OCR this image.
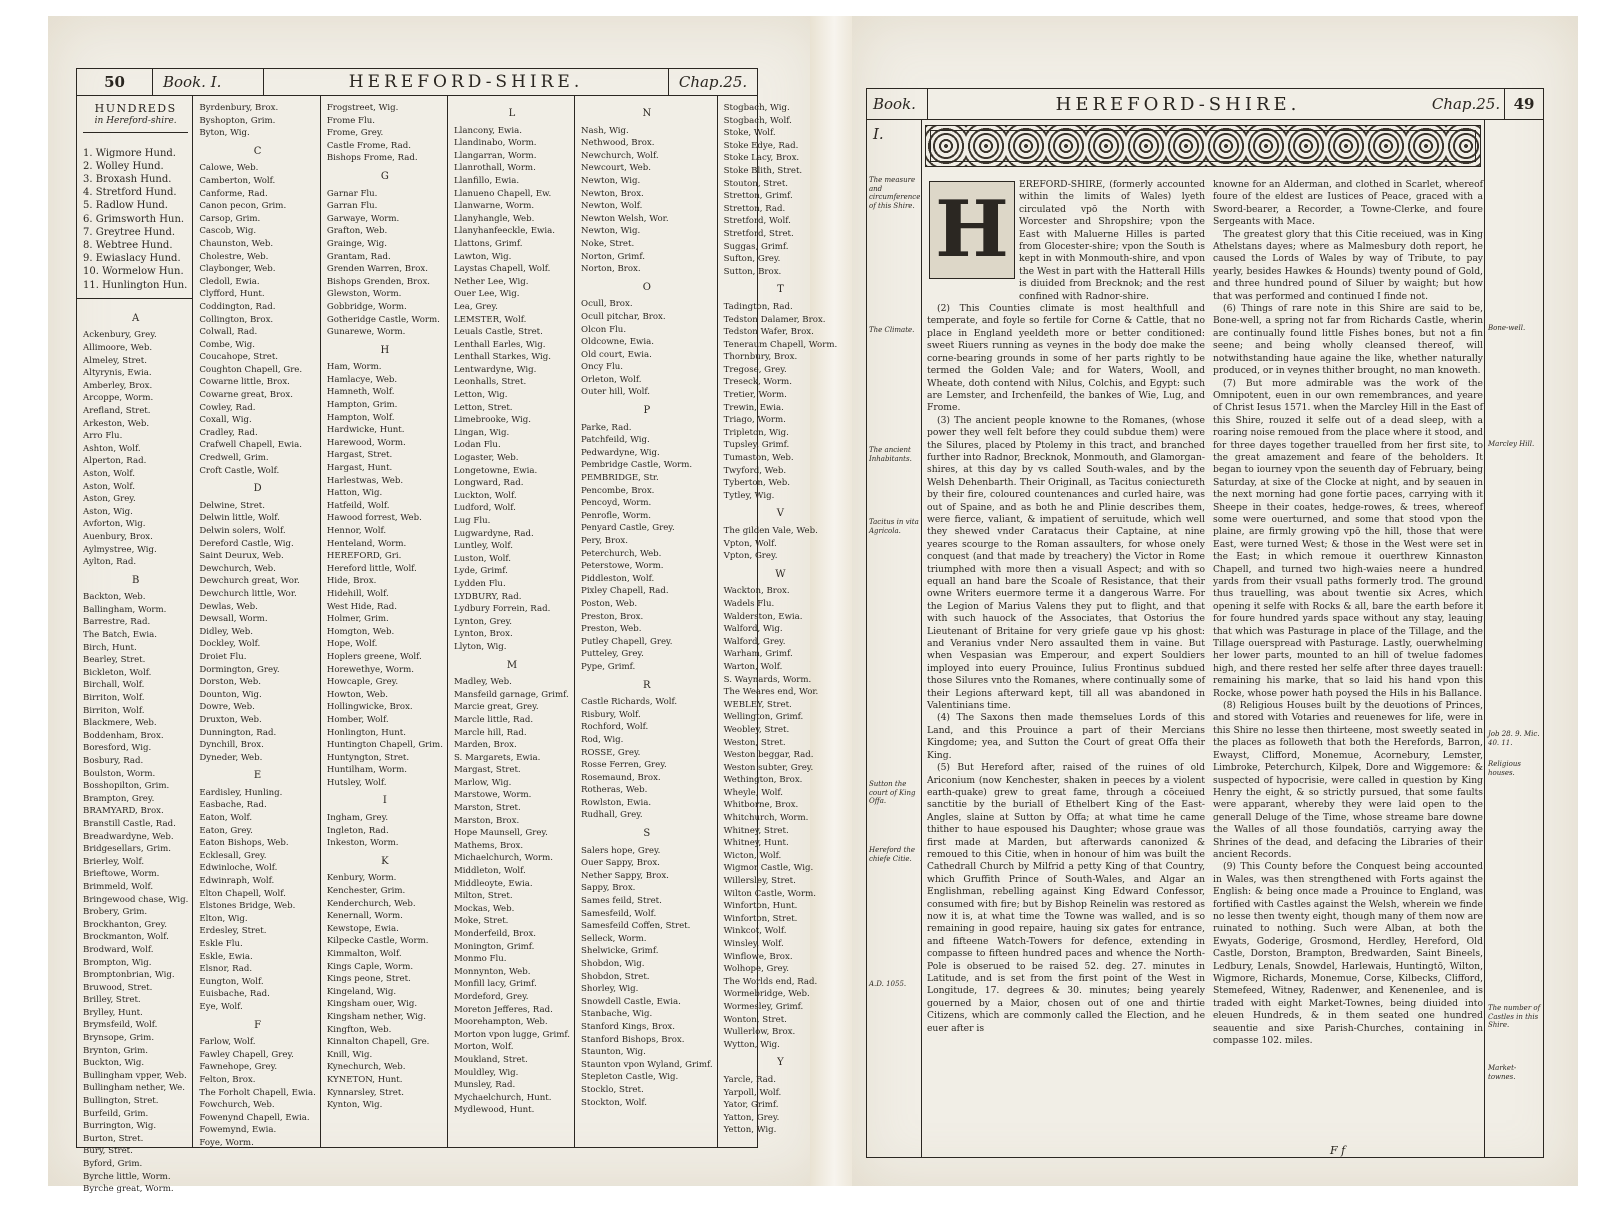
50	Book. I.	HEREFORD-SHIRE.	Chap.25.
HUNDREDS
in Hereford-shire.
1. Wigmore Hund.
2. Wolley Hund.
3. Broxash Hund.
4. Stretford Hund.
5. Radlow Hund.
6. Grimsworth Hun.
7. Greytree Hund.
8. Webtree Hund.
9. Ewiaslacy Hund.
10. Wormelow Hun.
11. Hunlington Hun.
A
Ackenbury, Grey.
Allimoore, Web.
Almeley, Stret.
Altyrynis, Ewia.
Amberley, Brox.
Arcoppe, Worm.
Arefland, Stret.
Arkeston, Web.
Arro Flu.
Ashton, Wolf.
Alperton, Rad.
Aston, Wolf.
Aston, Wolf.
Aston, Grey.
Aston, Wig.
Avforton, Wig.
Auenbury, Brox.
Aylmystree, Wig.
Aylton, Rad.
B
Backton, Web.
Ballingham, Worm.
Barrestre, Rad.
The Batch, Ewia.
Birch, Hunt.
Bearley, Stret.
Bickleton, Wolf.
Birchall, Wolf.
Birriton, Wolf.
Birriton, Wolf.
Blackmere, Web.
Boddenham, Brox.
Boresford, Wig.
Bosbury, Rad.
Boulston, Worm.
Bosshopilton, Grim.
Brampton, Grey.
BRAMYARD, Brox.
Branstill Castle, Rad.
Breadwardyne, Web.
Bridgesellars, Grim.
Brierley, Wolf.
Brieftowe, Worm.
Brimmeld, Wolf.
Bringewood chase, Wig.
Brobery, Grim.
Brockhanton, Grey.
Brockmanton, Wolf.
Brodward, Wolf.
Brompton, Wig.
Bromptonbrian, Wig.
Bruwood, Stret.
Brilley, Stret.
Brylley, Hunt.
Brymsfeild, Wolf.
Brynsope, Grim.
Brynton, Grim.
Buckton, Wig.
Bullingham vpper, Web.
Bullingham nether, We.
Bullington, Stret.
Burfeild, Grim.
Burrington, Wig.
Burton, Stret.
Bury, Stret.
Byford, Grim.
Byrche little, Worm.
Byrche great, Worm.
Byrdenbury, Brox.
Byshopton, Grim.
Byton, Wig.
C
Calowe, Web.
Camberton, Wolf.
Canforme, Rad.
Canon pecon, Grim.
Carsop, Grim.
Cascob, Wig.
Chaunston, Web.
Cholestre, Web.
Claybonger, Web.
Cledoll, Ewia.
Clyfford, Hunt.
Coddington, Rad.
Collington, Brox.
Colwall, Rad.
Combe, Wig.
Coucahope, Stret.
Coughton Chapell, Gre.
Cowarne little, Brox.
Cowarne great, Brox.
Cowley, Rad.
Coxall, Wig.
Cradley, Rad.
Crafwell Chapell, Ewia.
Credwell, Grim.
Croft Castle, Wolf.
D
Delwine, Stret.
Delwin little, Wolf.
Delwin solers, Wolf.
Dereford Castle, Wig.
Saint Deurux, Web.
Dewchurch, Web.
Dewchurch great, Wor.
Dewchurch little, Wor.
Dewlas, Web.
Dewsall, Worm.
Didley, Web.
Dockley, Wolf.
Droiet Flu.
Dormington, Grey.
Dorston, Web.
Dounton, Wig.
Dowre, Web.
Druxton, Web.
Dunnington, Rad.
Dynchill, Brox.
Dyneder, Web.
E
Eardisley, Hunling.
Easbache, Rad.
Eaton, Wolf.
Eaton, Grey.
Eaton Bishops, Web.
Ecklesall, Grey.
Edwinloche, Wolf.
Edwinraph, Wolf.
Elton Chapell, Wolf.
Elstones Bridge, Web.
Elton, Wig.
Erdesley, Stret.
Eskle Flu.
Eskle, Ewia.
Elsnor, Rad.
Eungton, Wolf.
Euisbache, Rad.
Eye, Wolf.
F
Farlow, Wolf.
Fawley Chapell, Grey.
Fawnehope, Grey.
Felton, Brox.
The Forholt Chapell, Ewia.
Fowchurch, Web.
Fowenynd Chapell, Ewia.
Fowemynd, Ewia.
Foye, Worm.
Frogstreet, Wig.
Frome Flu.
Frome, Grey.
Castle Frome, Rad.
Bishops Frome, Rad.
G
Garnar Flu.
Garran Flu.
Garwaye, Worm.
Grafton, Web.
Grainge, Wig.
Grantam, Rad.
Grenden Warren, Brox.
Bishops Grenden, Brox.
Glewston, Worm.
Gobbridge, Worm.
Gotheridge Castle, Worm.
Gunarewe, Worm.
H
Ham, Worm.
Hamlacye, Web.
Hamneth, Wolf.
Hampton, Grim.
Hampton, Wolf.
Hardwicke, Hunt.
Harewood, Worm.
Hargast, Stret.
Hargast, Hunt.
Harlestwas, Web.
Hatton, Wig.
Hatfeild, Wolf.
Hawood forrest, Web.
Hennor, Wolf.
Henteland, Worm.
HEREFORD, Gri.
Hereford little, Wolf.
Hide, Brox.
Hidehill, Wolf.
West Hide, Rad.
Holmer, Grim.
Homgton, Web.
Hope, Wolf.
Hoplers greene, Wolf.
Horewethye, Worm.
Howcaple, Grey.
Howton, Web.
Hollingwicke, Brox.
Homber, Wolf.
Honlington, Hunt.
Huntington Chapell, Grim.
Huntyngton, Stret.
Huntilham, Worm.
Hutsley, Wolf.
I
Ingham, Grey.
Ingleton, Rad.
Inkeston, Worm.
K
Kenbury, Worm.
Kenchester, Grim.
Kenderchurch, Web.
Kenernall, Worm.
Kewstope, Ewia.
Kilpecke Castle, Worm.
Kimmalton, Wolf.
Kings Caple, Worm.
Kings peone, Stret.
Kingeland, Wig.
Kingsham ouer, Wig.
Kingsham nether, Wig.
Kingfton, Web.
Kinnalton Chapell, Gre.
Knill, Wig.
Kynechurch, Web.
KYNETON, Hunt.
Kynnarsley, Stret.
Kynton, Wig.
L
Llancony, Ewia.
Llandinabo, Worm.
Llangarran, Worm.
Llanrothall, Worm.
Llanfillo, Ewia.
Llanueno Chapell, Ew.
Llanwarne, Worm.
Llanyhangle, Web.
Llanyhanfeeckle, Ewia.
Llattons, Grimf.
Lawton, Wig.
Laystas Chapell, Wolf.
Nether Lee, Wig.
Ouer Lee, Wig.
Lea, Grey.
LEMSTER, Wolf.
Leuals Castle, Stret.
Lenthall Earles, Wig.
Lenthall Starkes, Wig.
Lentwardyne, Wig.
Leonhalls, Stret.
Letton, Wig.
Letton, Stret.
Limebrooke, Wig.
Lingan, Wig.
Lodan Flu.
Logaster, Web.
Longetowne, Ewia.
Longward, Rad.
Luckton, Wolf.
Ludford, Wolf.
Lug Flu.
Lugwardyne, Rad.
Luntley, Wolf.
Luston, Wolf.
Lyde, Grimf.
Lydden Flu.
LYDBURY, Rad.
Lydbury Forrein, Rad.
Lynton, Grey.
Lynton, Brox.
Llyton, Wig.
M
Madley, Web.
Mansfeild garnage, Grimf.
Marcie great, Grey.
Marcle little, Rad.
Marcle hill, Rad.
Marden, Brox.
S. Margarets, Ewia.
Margast, Stret.
Marlow, Wig.
Marstowe, Worm.
Marston, Stret.
Marston, Brox.
Hope Maunsell, Grey.
Mathems, Brox.
Michaelchurch, Worm.
Middleton, Wolf.
Middleoyte, Ewia.
Milton, Stret.
Mockas, Web.
Moke, Stret.
Monderfeild, Brox.
Monington, Grimf.
Monmo Flu.
Monnynton, Web.
Monfill lacy, Grimf.
Mordeford, Grey.
Moreton Jefferes, Rad.
Moorehampton, Web.
Morton vpon lugge, Grimf.
Morton, Wolf.
Moukland, Stret.
Mouldley, Wig.
Munsley, Rad.
Mychaelchurch, Hunt.
Mydlewood, Hunt.
N
Nash, Wig.
Nethwood, Brox.
Newchurch, Wolf.
Newcourt, Web.
Newton, Wig.
Newton, Brox.
Newton, Wolf.
Newton Welsh, Wor.
Newton, Wig.
Noke, Stret.
Norton, Grimf.
Norton, Brox.
O
Ocull, Brox.
Ocull pitchar, Brox.
Olcon Flu.
Oldcowne, Ewia.
Old court, Ewia.
Oncy Flu.
Orleton, Wolf.
Outer hill, Wolf.
P
Parke, Rad.
Patchfeild, Wig.
Pedwardyne, Wig.
Pembridge Castle, Worm.
PEMBRIDGE, Str.
Pencombe, Brox.
Pencoyd, Worm.
Penrofle, Worm.
Penyard Castle, Grey.
Pery, Brox.
Peterchurch, Web.
Peterstowe, Worm.
Piddleston, Wolf.
Pixley Chapell, Rad.
Poston, Web.
Preston, Brox.
Preston, Web.
Putley Chapell, Grey.
Putteley, Grey.
Pype, Grimf.
R
Castle Richards, Wolf.
Risbury, Wolf.
Rochford, Wolf.
Rod, Wig.
ROSSE, Grey.
Rosse Ferren, Grey.
Rosemaund, Brox.
Rotheras, Web.
Rowlston, Ewia.
Rudhall, Grey.
S
Salers hope, Grey.
Ouer Sappy, Brox.
Nether Sappy, Brox.
Sappy, Brox.
Sames feild, Stret.
Samesfeild, Wolf.
Samesfeild Coffen, Stret.
Selleck, Worm.
Shelwicke, Grimf.
Shobdon, Wig.
Shobdon, Stret.
Shorley, Wig.
Snowdell Castle, Ewia.
Stanbache, Wig.
Stanford Kings, Brox.
Stanford Bishops, Brox.
Staunton, Wig.
Staunton vpon Wyland, Grimf.
Stepleton Castle, Wig.
Stocklo, Stret.
Stockton, Wolf.
Stogbach, Wig.
Stogbach, Wolf.
Stoke, Wolf.
Stoke Edye, Rad.
Stoke Lacy, Brox.
Stoke Blith, Stret.
Stouton, Stret.
Stretton, Grimf.
Stretton, Rad.
Stretford, Wolf.
Stretford, Stret.
Suggas, Grimf.
Sufton, Grey.
Sutton, Brox.
T
Tadington, Rad.
Tedston Dalamer, Brox.
Tedston Wafer, Brox.
Teneraum Chapell, Worm.
Thornbury, Brox.
Tregose, Grey.
Treseck, Worm.
Tretier, Worm.
Trewin, Ewia.
Triago, Worm.
Tripleton, Wig.
Tupsley, Grimf.
Tumaston, Web.
Twyford, Web.
Tyberton, Web.
Tytley, Wig.
V
The gilden Vale, Web.
Vpton, Wolf.
Vpton, Grey.
W
Wackton, Brox.
Wadels Flu.
Walderston, Ewia.
Walford, Wig.
Walford, Grey.
Warham, Grimf.
Warton, Wolf.
S. Waynards, Worm.
The Weares end, Wor.
WEBLEY, Stret.
Wellington, Grimf.
Weobley, Stret.
Weston, Stret.
Weston beggar, Rad.
Weston subter, Grey.
Wethington, Brox.
Wheyle, Wolf.
Whitborne, Brox.
Whitchurch, Worm.
Whitney, Stret.
Whitney, Hunt.
Wicton, Wolf.
Wigmor Castle, Wig.
Willersley, Stret.
Wilton Castle, Worm.
Winforton, Hunt.
Winforton, Stret.
Winkcot, Wolf.
Winsley, Wolf.
Winflowe, Brox.
Wolhope, Grey.
The Worlds end, Rad.
Wormebridge, Web.
Wormesley, Grimf.
Wonton, Stret.
Wullerlow, Brox.
Wytton, Wig.
Y
Yarcle, Rad.
Yarpoll, Wolf.
Yator, Grimf.
Yatton, Grey.
Yetton, Wig.
Book. I.
HEREFORD-SHIRE.	Chap.25. 49
The measure and circumference of this Shire.
The Climate.
The ancient Inhabitants.
Tacitus in vita Agricola.
Sutton the court of King Offa.
Hereford the chiefe Citie.
A.D. 1055.
Bone-well.
Marcley Hill.
Job 28. 9. Mic. 40. 11.
Religious houses.
The number of Castles in this Shire.
Market-townes.
H EREFORD-SHIRE, (formerly accounted within the limits of Wales) lyeth circulated vpō the North with Worcester and Shropshire; vpon the East with Maluerne Hilles is parted from Glocester-shire; vpon the South is kept in with Monmouth-shire, and vpon the West in part with the Hatterall Hills is diuided from Brecknok; and the rest confined with Radnor-shire.

(2) This Counties climate is most healthfull and temperate, and foyle so fertile for Corne & Cattle, that no place in England yeeldeth more or better conditioned: sweet Riuers running as veynes in the body doe make the corne-bearing grounds in some of her parts rightly to be termed the Golden Vale; and for Waters, Wooll, and Wheate, doth contend with Nilus, Colchis, and Egypt: such are Lemster, and Irchenfeild, the bankes of Wie, Lug, and Frome.

(3) The ancient people knowne to the Romanes, (whose power they well felt before they could subdue them) were the Silures, placed by Ptolemy in this tract, and branched further into Radnor, Brecknok, Monmouth, and Glamorgan-shires, at this day by vs called South-wales, and by the Welsh Dehenbarth. Their Originall, as Tacitus coniectureth by their fire, coloured countenances and curled haire, was out of Spaine, and as both he and Plinie describes them, were fierce, valiant, & impatient of seruitude, which well they shewed vnder Caratacus their Captaine, at nine yeares scourge to the Roman assaulters, for whose onely conquest (and that made by treachery) the Victor in Rome triumphed with more then a visuall Aspect; and with so equall an hand bare the Scoale of Resistance, that their owne Writers euermore terme it a dangerous Warre. For the Legion of Marius Valens they put to flight, and that with such hauock of the Associates, that Ostorius the Lieutenant of Britaine for very griefe gaue vp his ghost: and Veranius vnder Nero assaulted them in vaine. But when Vespasian was Emperour, and expert Souldiers imployed into euery Prouince, Iulius Frontinus subdued those Silures vnto the Romanes, where continually some of their Legions afterward kept, till all was abandoned in Valentinians time.

(4) The Saxons then made themselues Lords of this Land, and this Prouince a part of their Mercians Kingdome; yea, and Sutton the Court of great Offa their King.

(5) But Hereford after, raised of the ruines of old Ariconium (now Kenchester, shaken in peeces by a violent earth-quake) grew to great fame, through a cōceiued sanctitie by the buriall of Ethelbert King of the East-Angles, slaine at Sutton by Offa; at what time he came thither to haue espoused his Daughter; whose graue was first made at Marden, but afterwards canonized & remoued to this Citie, when in honour of him was built the Cathedrall Church by Milfrid a petty King of that Country, which Gruffith Prince of South-Wales, and Algar an Englishman, rebelling against King Edward Confessor, consumed with fire; but by Bishop Reinelin was restored as now it is, at what time the Towne was walled, and is so remaining in good repaire, hauing six gates for entrance, and fifteene Watch-Towers for defence, extending in compasse to fifteen hundred paces and whence the North-Pole is obserued to be raised 52. deg. 27. minutes in Latitude, and is set from the first point of the West in Longitude, 17. degrees & 30. minutes; being yearely gouerned by a Maior, chosen out of one and thirtie Citizens, which are commonly called the Election, and he euer after is

knowne for an Alderman, and clothed in Scarlet, whereof foure of the eldest are Iustices of Peace, graced with a Sword-bearer, a Recorder, a Towne-Clerke, and foure Sergeants with Mace.

The greatest glory that this Citie receiued, was in King Athelstans dayes; where as Malmesbury doth report, he caused the Lords of Wales by way of Tribute, to pay yearly, besides Hawkes & Hounds) twenty pound of Gold, and three hundred pound of Siluer by waight; but how that was performed and continued I finde not.

(6) Things of rare note in this Shire are said to be, Bone-well, a spring not far from Richards Castle, wherin are continually found little Fishes bones, but not a fin seene; and being wholly cleansed thereof, will notwithstanding haue againe the like, whether naturally produced, or in veynes thither brought, no man knoweth.

(7) But more admirable was the work of the Omnipotent, euen in our own remembrances, and yeare of Christ Iesus 1571. when the Marcley Hill in the East of this Shire, rouzed it selfe out of a dead sleep, with a roaring noise remoued from the place where it stood, and for three dayes together trauelled from her first site, to the great amazement and feare of the beholders. It began to iourney vpon the seuenth day of February, being Saturday, at sixe of the Clocke at night, and by seauen in the next morning had gone fortie paces, carrying with it Sheepe in their coates, hedge-rowes, & trees, whereof some were ouerturned, and some that stood vpon the plaine, are firmly growing vpō the hill, those that were East, were turned West; & those in the West were set in the East; in which remoue it ouerthrew Kinnaston Chapell, and turned two high-waies neere a hundred yards from their vsuall paths formerly trod. The ground thus trauelling, was about twentie six Acres, which opening it selfe with Rocks & all, bare the earth before it for foure hundred yards space without any stay, leauing that which was Pasturage in place of the Tillage, and the Tillage ouerspread with Pasturage. Lastly, ouerwhelming her lower parts, mounted to an hill of twelue fadomes high, and there rested her selfe after three dayes trauell: remaining his marke, that so laid his hand vpon this Rocke, whose power hath poysed the Hils in his Ballance.

(8) Religious Houses built by the deuotions of Princes, and stored with Votaries and reuenewes for life, were in this Shire no lesse then thirteene, most sweetly seated in the places as followeth that both the Herefords, Barron, Ewayst, Clifford, Monemue, Acornebury, Lemster, Limbroke, Peterchurch, Kilpek, Dore and Wiggemore: & suspected of hypocrisie, were called in question by King Henry the eight, & so strictly pursued, that some faults were apparant, whereby they were laid open to the generall Deluge of the Time, whose streame bare downe the Walles of all those foundatiōs, carrying away the Shrines of the dead, and defacing the Libraries of their ancient Records.

(9) This County before the Conquest being accounted in Wales, was then strengthened with Forts against the English: & being once made a Prouince to England, was fortified with Castles against the Welsh, wherein we finde no lesse then twenty eight, though many of them now are ruinated to nothing. Such were Alban, at both the Ewyats, Goderige, Grosmond, Herdley, Hereford, Old Castle, Dorston, Brampton, Bredwarden, Saint Bineels, Ledbury, Lenals, Snowdel, Harlewais, Huntingtō, Wilton, Wigmore, Richards, Monemue, Corse, Kilbecks, Clifford, Stemefeed, Witney, Radenwer, and Kenenenlee, and is traded with eight Market-Townes, being diuided into eleuen Hundreds, & in them seated one hundred seauentie and sixe Parish-Churches, containing in compasse 102. miles.

F f
